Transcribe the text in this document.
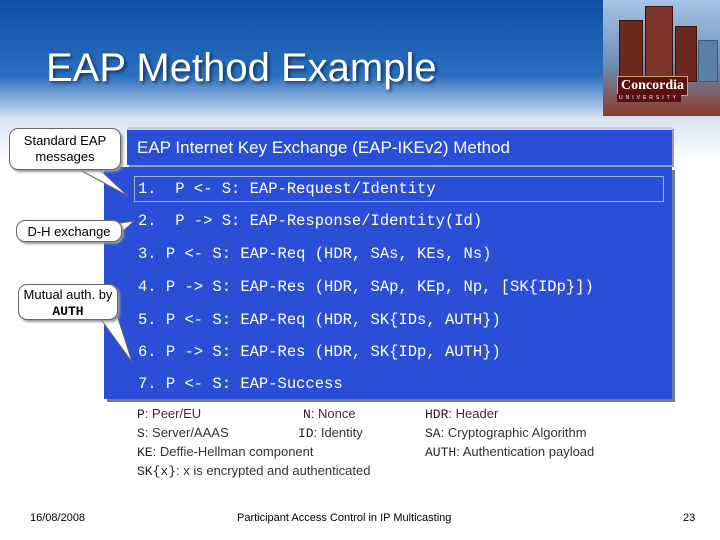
EAP Method Example	Concordia
UNIVERSITY
EAP Internet Key Exchange (EAP-IKEv2) Method
1.  P <- S: EAP-Request/Identity
2.  P -> S: EAP-Response/Identity(Id)
3. P <- S: EAP-Req (HDR, SAs, KEs, Ns)
4. P -> S: EAP-Res (HDR, SAp, KEp, Np, [SK{IDp}])
5. P <- S: EAP-Req (HDR, SK{IDs, AUTH})
6. P -> S: EAP-Res (HDR, SK{IDp, AUTH})
7. P <- S: EAP-Success
Standard EAP messages
D-H exchange
Mutual auth. by
AUTH
P: Peer/EU	N: Nonce	HDR: Header
S: Server/AAAS	ID: Identity	SA: Cryptographic Algorithm
KE: Deffie-Hellman component	AUTH: Authentication payload
SK{x}: x is encrypted and authenticated
16/08/2008	Participant Access Control in IP Multicasting	23
